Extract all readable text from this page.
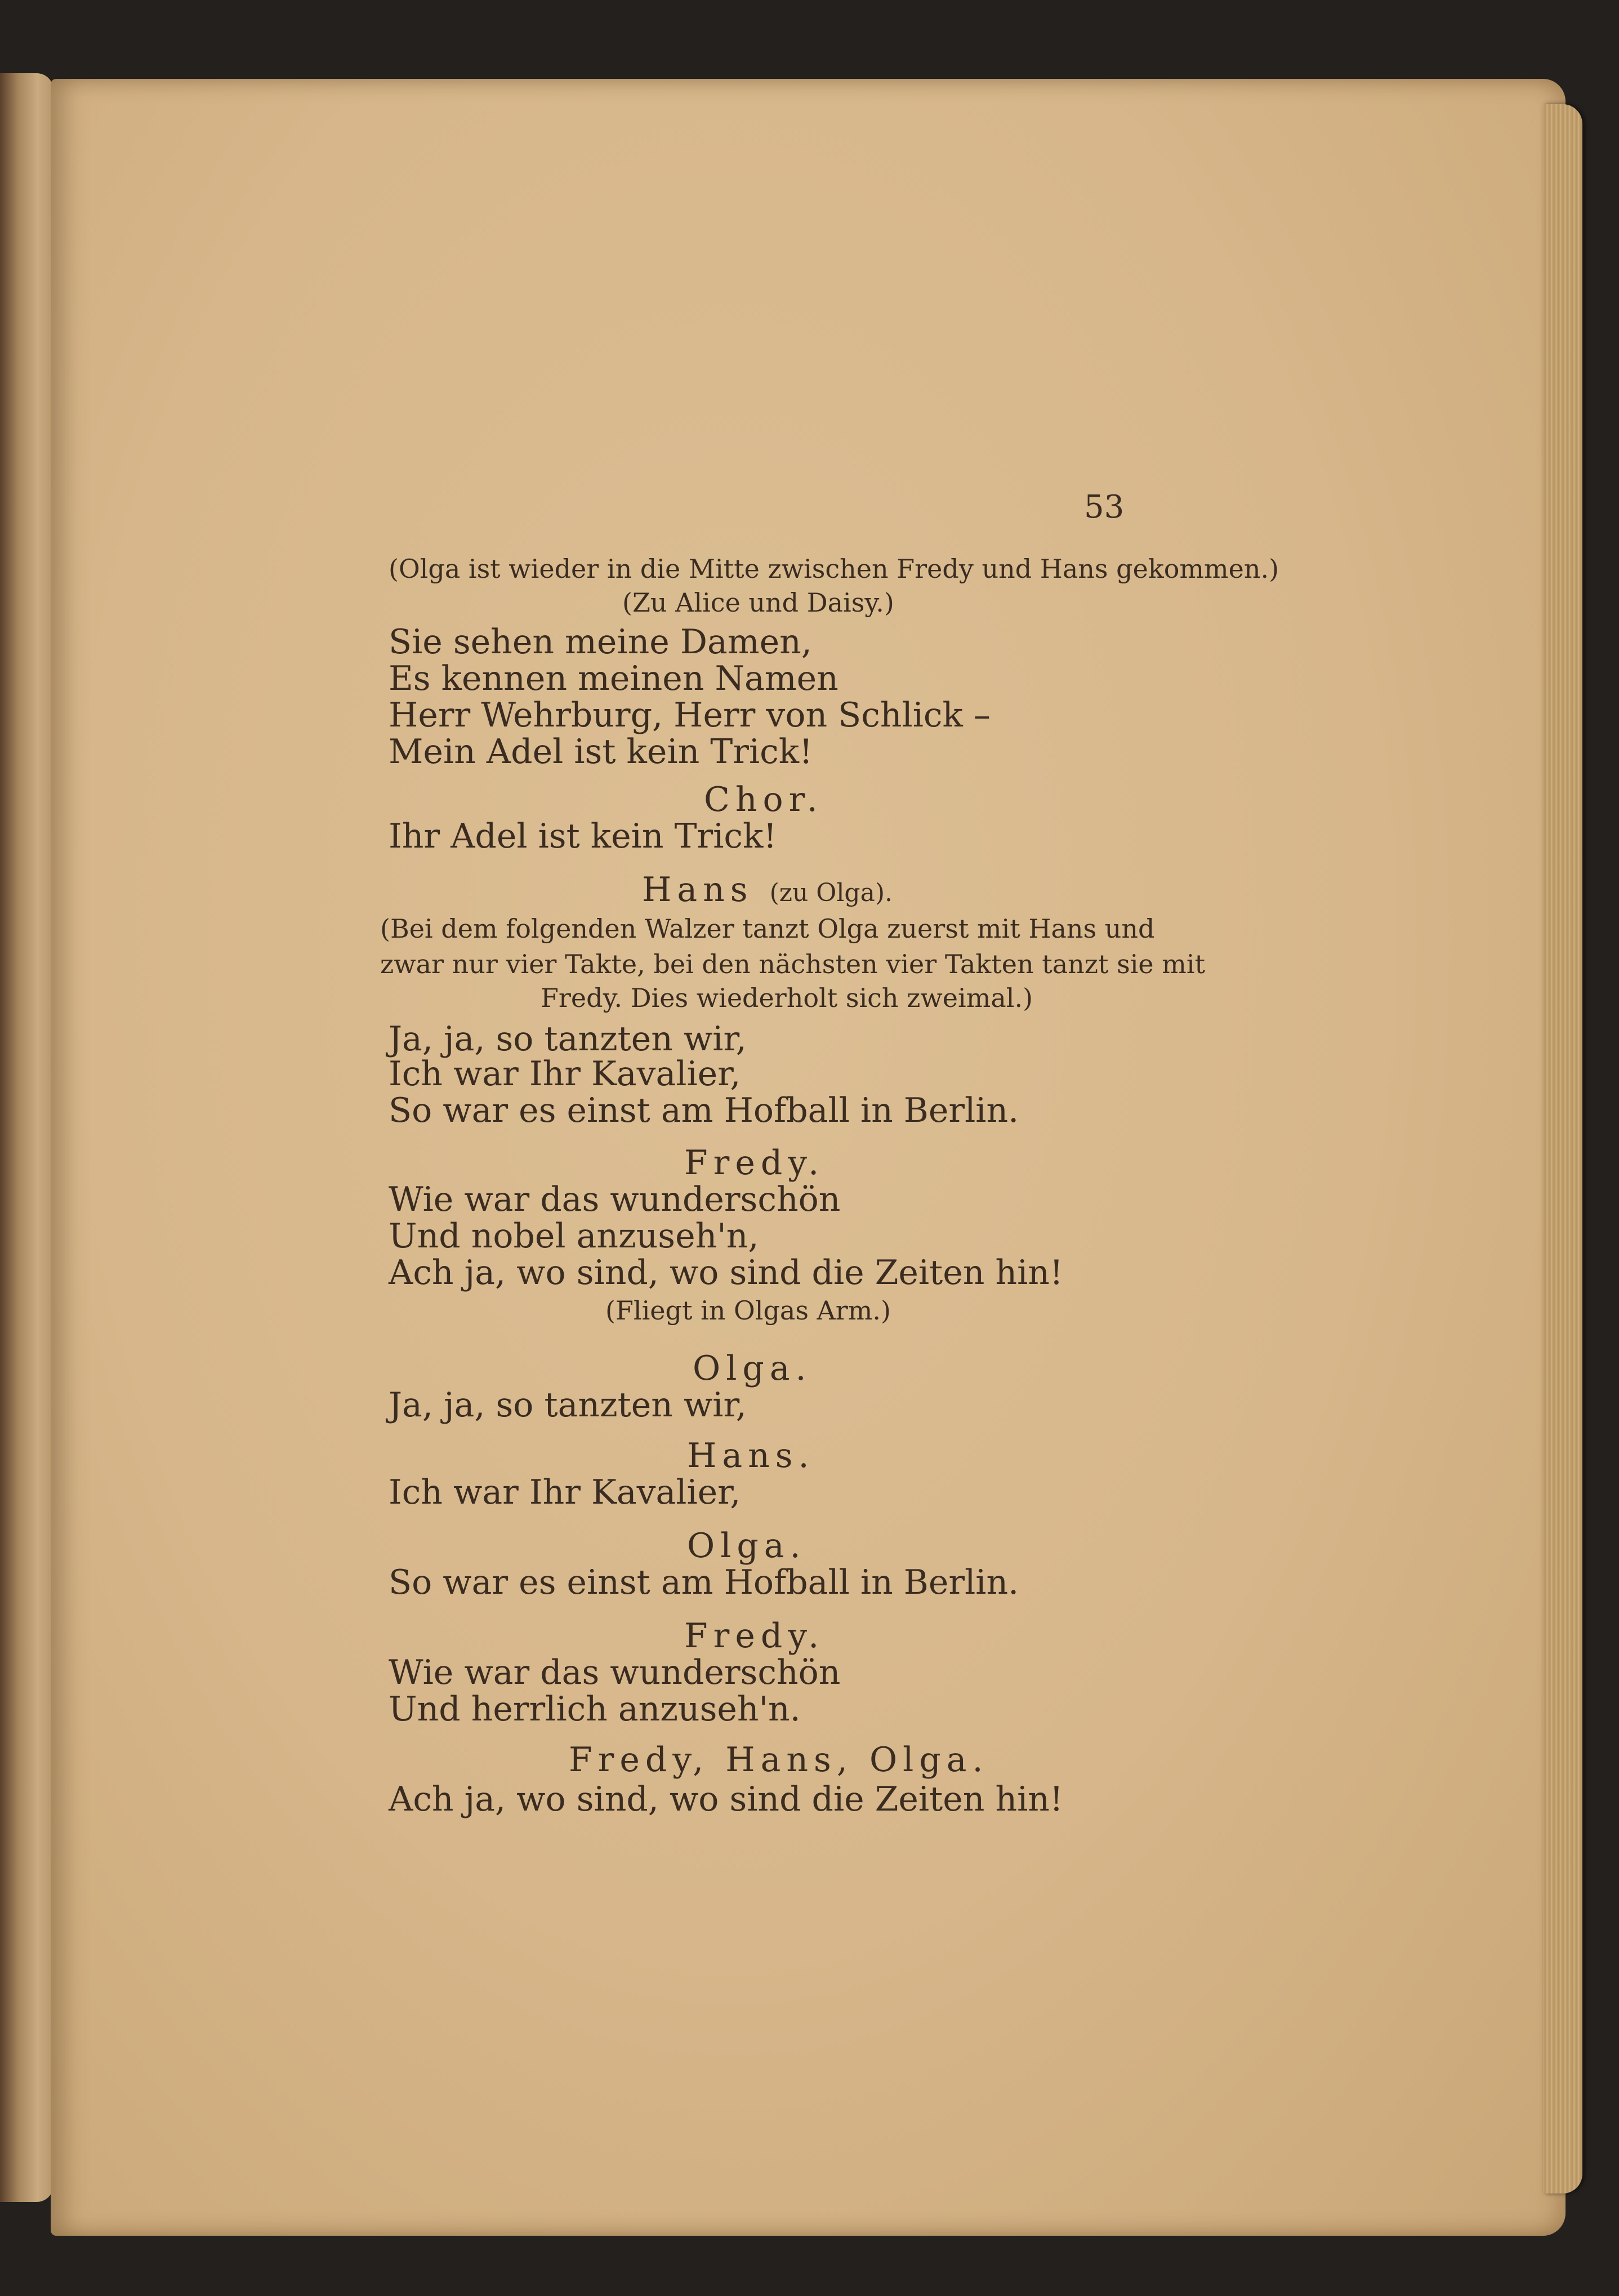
53
(Olga ist wieder in die Mitte zwischen Fredy und Hans gekommen.)
(Zu Alice und Daisy.)
Sie sehen meine Damen,
Es kennen meinen Namen
Herr Wehrburg, Herr von Schlick –
Mein Adel ist kein Trick!
Chor.
Ihr Adel ist kein Trick!
Hans (zu Olga).
(Bei dem folgenden Walzer tanzt Olga zuerst mit Hans und
zwar nur vier Takte, bei den nächsten vier Takten tanzt sie mit
Fredy. Dies wiederholt sich zweimal.)
Ja, ja, so tanzten wir,
Ich war Ihr Kavalier,
So war es einst am Hofball in Berlin.
Fredy.
Wie war das wunderschön
Und nobel anzuseh'n,
Ach ja, wo sind, wo sind die Zeiten hin!
(Fliegt in Olgas Arm.)
Olga.
Ja, ja, so tanzten wir,
Hans.
Ich war Ihr Kavalier,
Olga.
So war es einst am Hofball in Berlin.
Fredy.
Wie war das wunderschön
Und herrlich anzuseh'n.
Fredy, Hans, Olga.
Ach ja, wo sind, wo sind die Zeiten hin!
